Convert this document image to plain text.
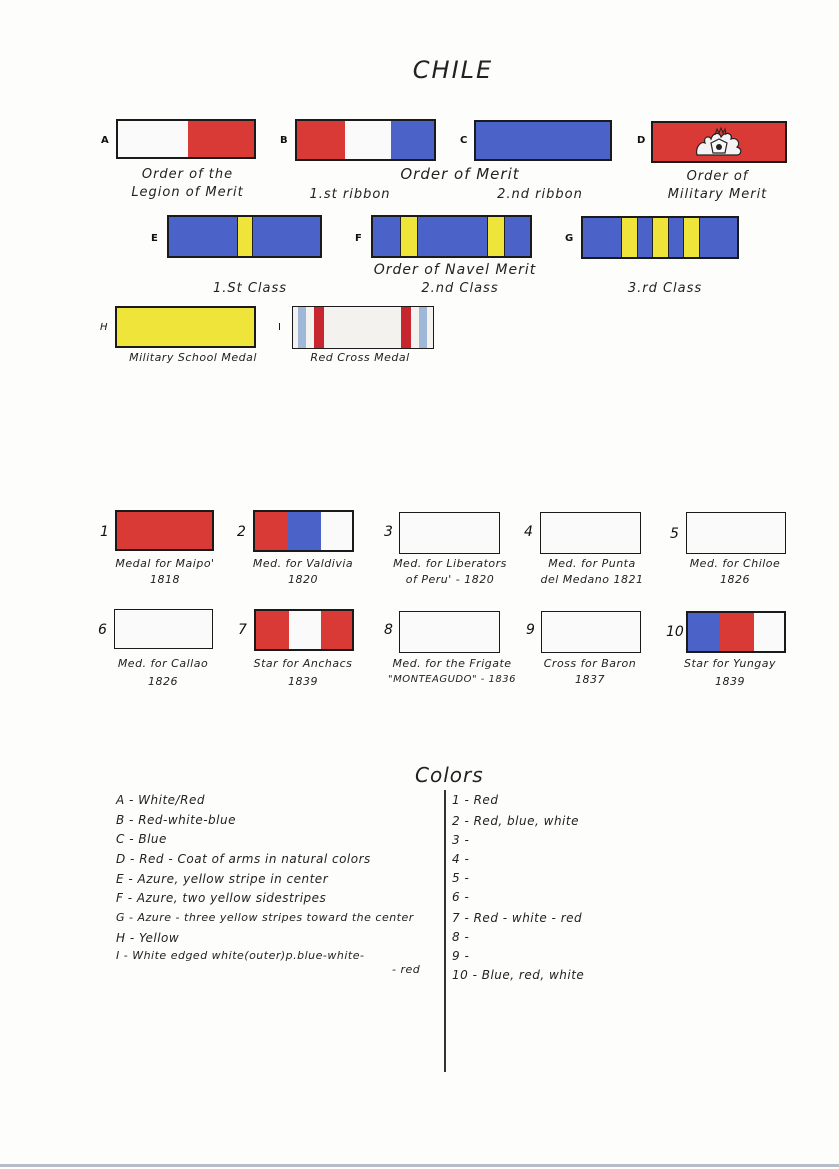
CHILE
A
Order of the
Legion of Merit
B	C
Order of Merit
1.st ribbon	2.nd ribbon
D
Order of
Military Merit
E
1.St Class
F
Order of Navel Merit
2.nd Class
G
3.rd Class
H
Military School Medal
I
Red Cross Medal
1
Medal for Maipo'
1818
2
Med. for Valdivia
1820
3
Med. for Liberators
of Peru' - 1820
4
Med. for Punta
del Medano 1821
5
Med. for Chiloe
1826
6
Med. for Callao
1826
7
Star for Anchacs
1839
8
Med. for the Frigate
"MONTEAGUDO" - 1836
9
Cross for Baron
1837
10
Star for Yungay
1839
Colors
A - White/Red
B - Red-white-blue
C - Blue
D - Red - Coat of arms in natural colors
E - Azure, yellow stripe in center
F - Azure, two yellow sidestripes
G - Azure - three yellow stripes toward the center
H - Yellow
I - White edged white(outer)p.blue-white-
- red
1 - Red
2 - Red, blue, white
3 -
4 -
5 -
6 -
7 - Red - white - red
8 -
9 -
10 - Blue, red, white
